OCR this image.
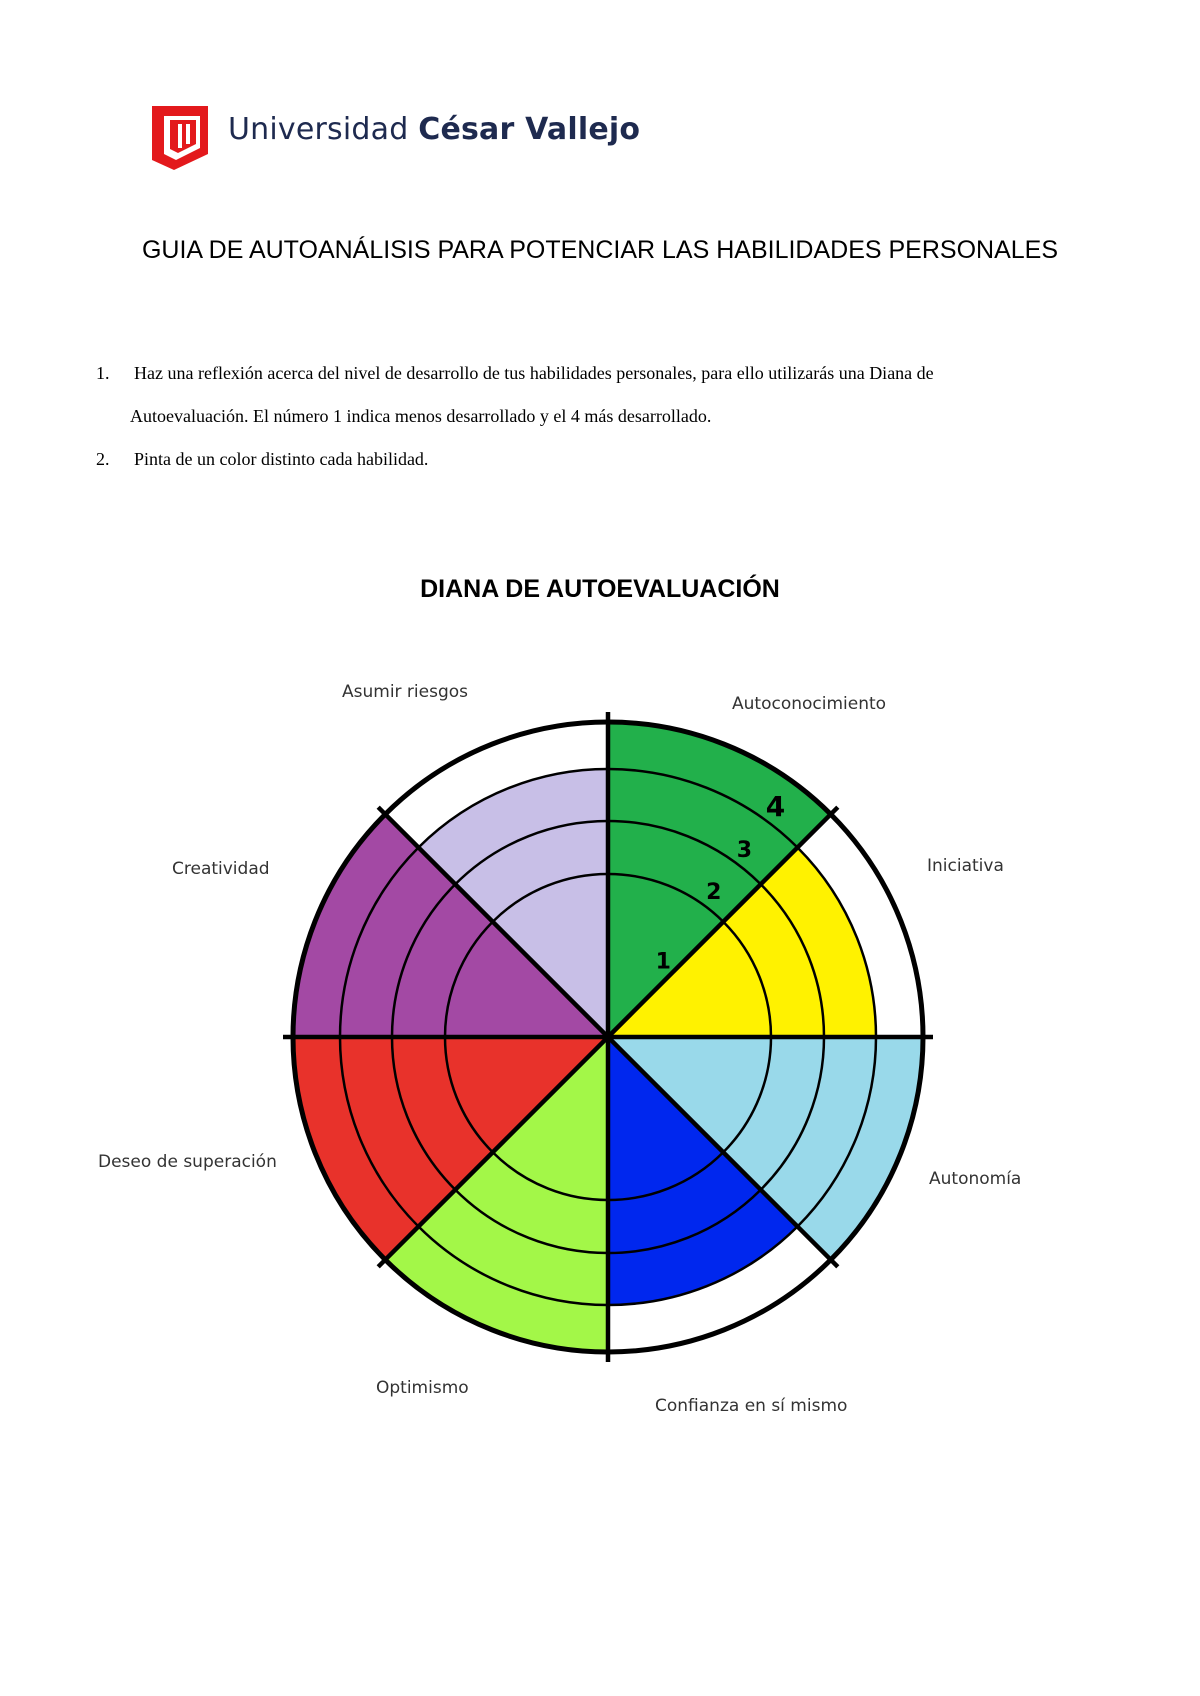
Universidad César Vallejo
GUIA DE AUTOANÁLISIS PARA POTENCIAR LAS HABILIDADES PERSONALES
1. Haz una reflexión acerca del nivel de desarrollo de tus habilidades personales, para ello utilizarás una Diana de
Autoevaluación. El número 1 indica menos desarrollado y el 4 más desarrollado.
2. Pinta de un color distinto cada habilidad.
DIANA DE AUTOEVALUACIÓN
Asumir riesgos
Autoconocimiento
Iniciativa
Creatividad
Deseo de superación
Autonomía
Optimismo
Confianza en sí mismo
1
2
3
4
